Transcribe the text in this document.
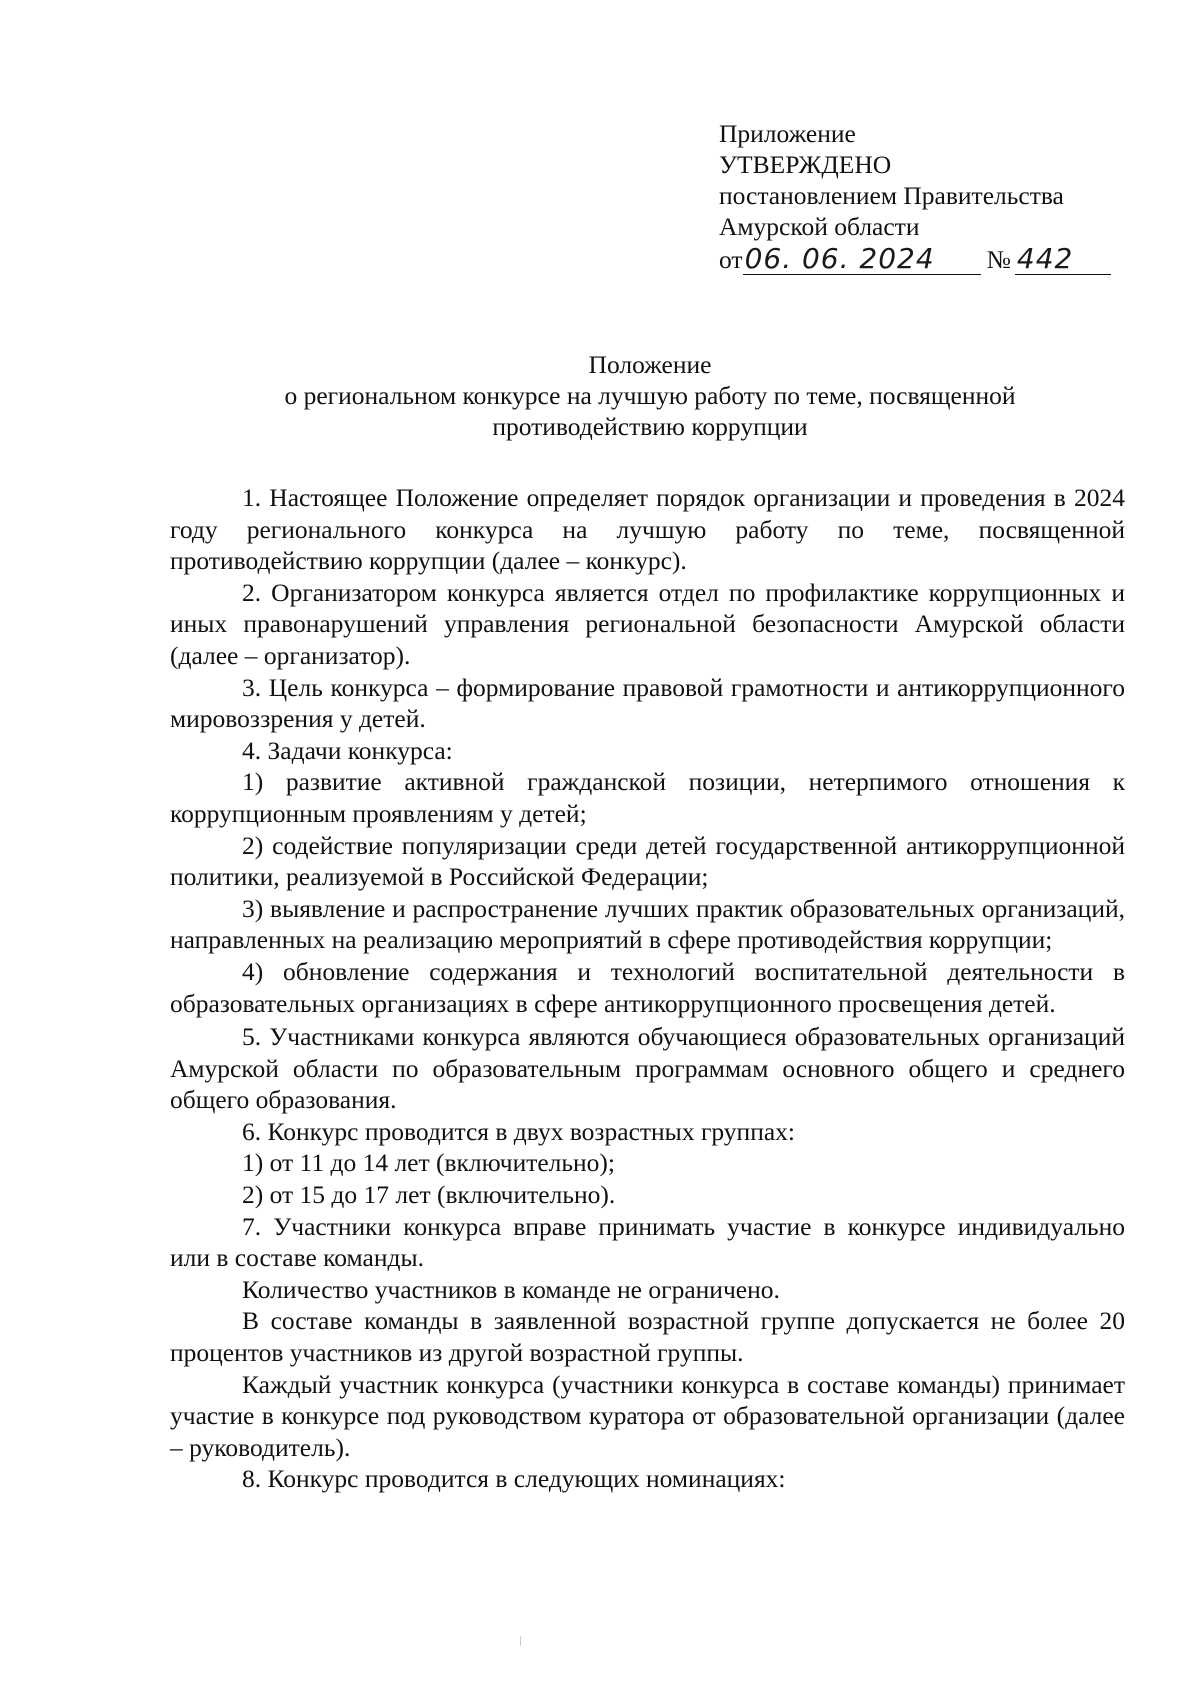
Приложение
УТВЕРЖДЕНО
постановлением Правительства
Амурской области
от06. 06. 2024 № 442
Положение
о региональном конкурсе на лучшую работу по теме, посвященной
противодействию коррупции

1. Настоящее Положение определяет порядок организации и проведения в 2024 году регионального конкурса на лучшую работу по теме, посвященной противодействию коррупции (далее – конкурс).

2. Организатором конкурса является отдел по профилактике коррупционных и иных правонарушений управления региональной безопасности Амурской области (далее – организатор).

3. Цель конкурса – формирование правовой грамотности и антикоррупционного мировоззрения у детей.

4. Задачи конкурса:

1) развитие активной гражданской позиции, нетерпимого отношения к коррупционным проявлениям у детей;

2) содействие популяризации среди детей государственной антикоррупционной политики, реализуемой в Российской Федерации;

3) выявление и распространение лучших практик образовательных организаций, направленных на реализацию мероприятий в сфере противодействия коррупции;

4) обновление содержания и технологий воспитательной деятельности в образовательных организациях в сфере антикоррупционного просвещения детей.

5. Участниками конкурса являются обучающиеся образовательных организаций Амурской области по образовательным программам основного общего и среднего общего образования.

6. Конкурс проводится в двух возрастных группах:

1) от 11 до 14 лет (включительно);

2) от 15 до 17 лет (включительно).

7. Участники конкурса вправе принимать участие в конкурсе индивидуально или в составе команды.

Количество участников в команде не ограничено.

В составе команды в заявленной возрастной группе допускается не более 20 процентов участников из другой возрастной группы.

Каждый участник конкурса (участники конкурса в составе команды) принимает участие в конкурсе под руководством куратора от образовательной организации (далее – руководитель).

8. Конкурс проводится в следующих номинациях:
